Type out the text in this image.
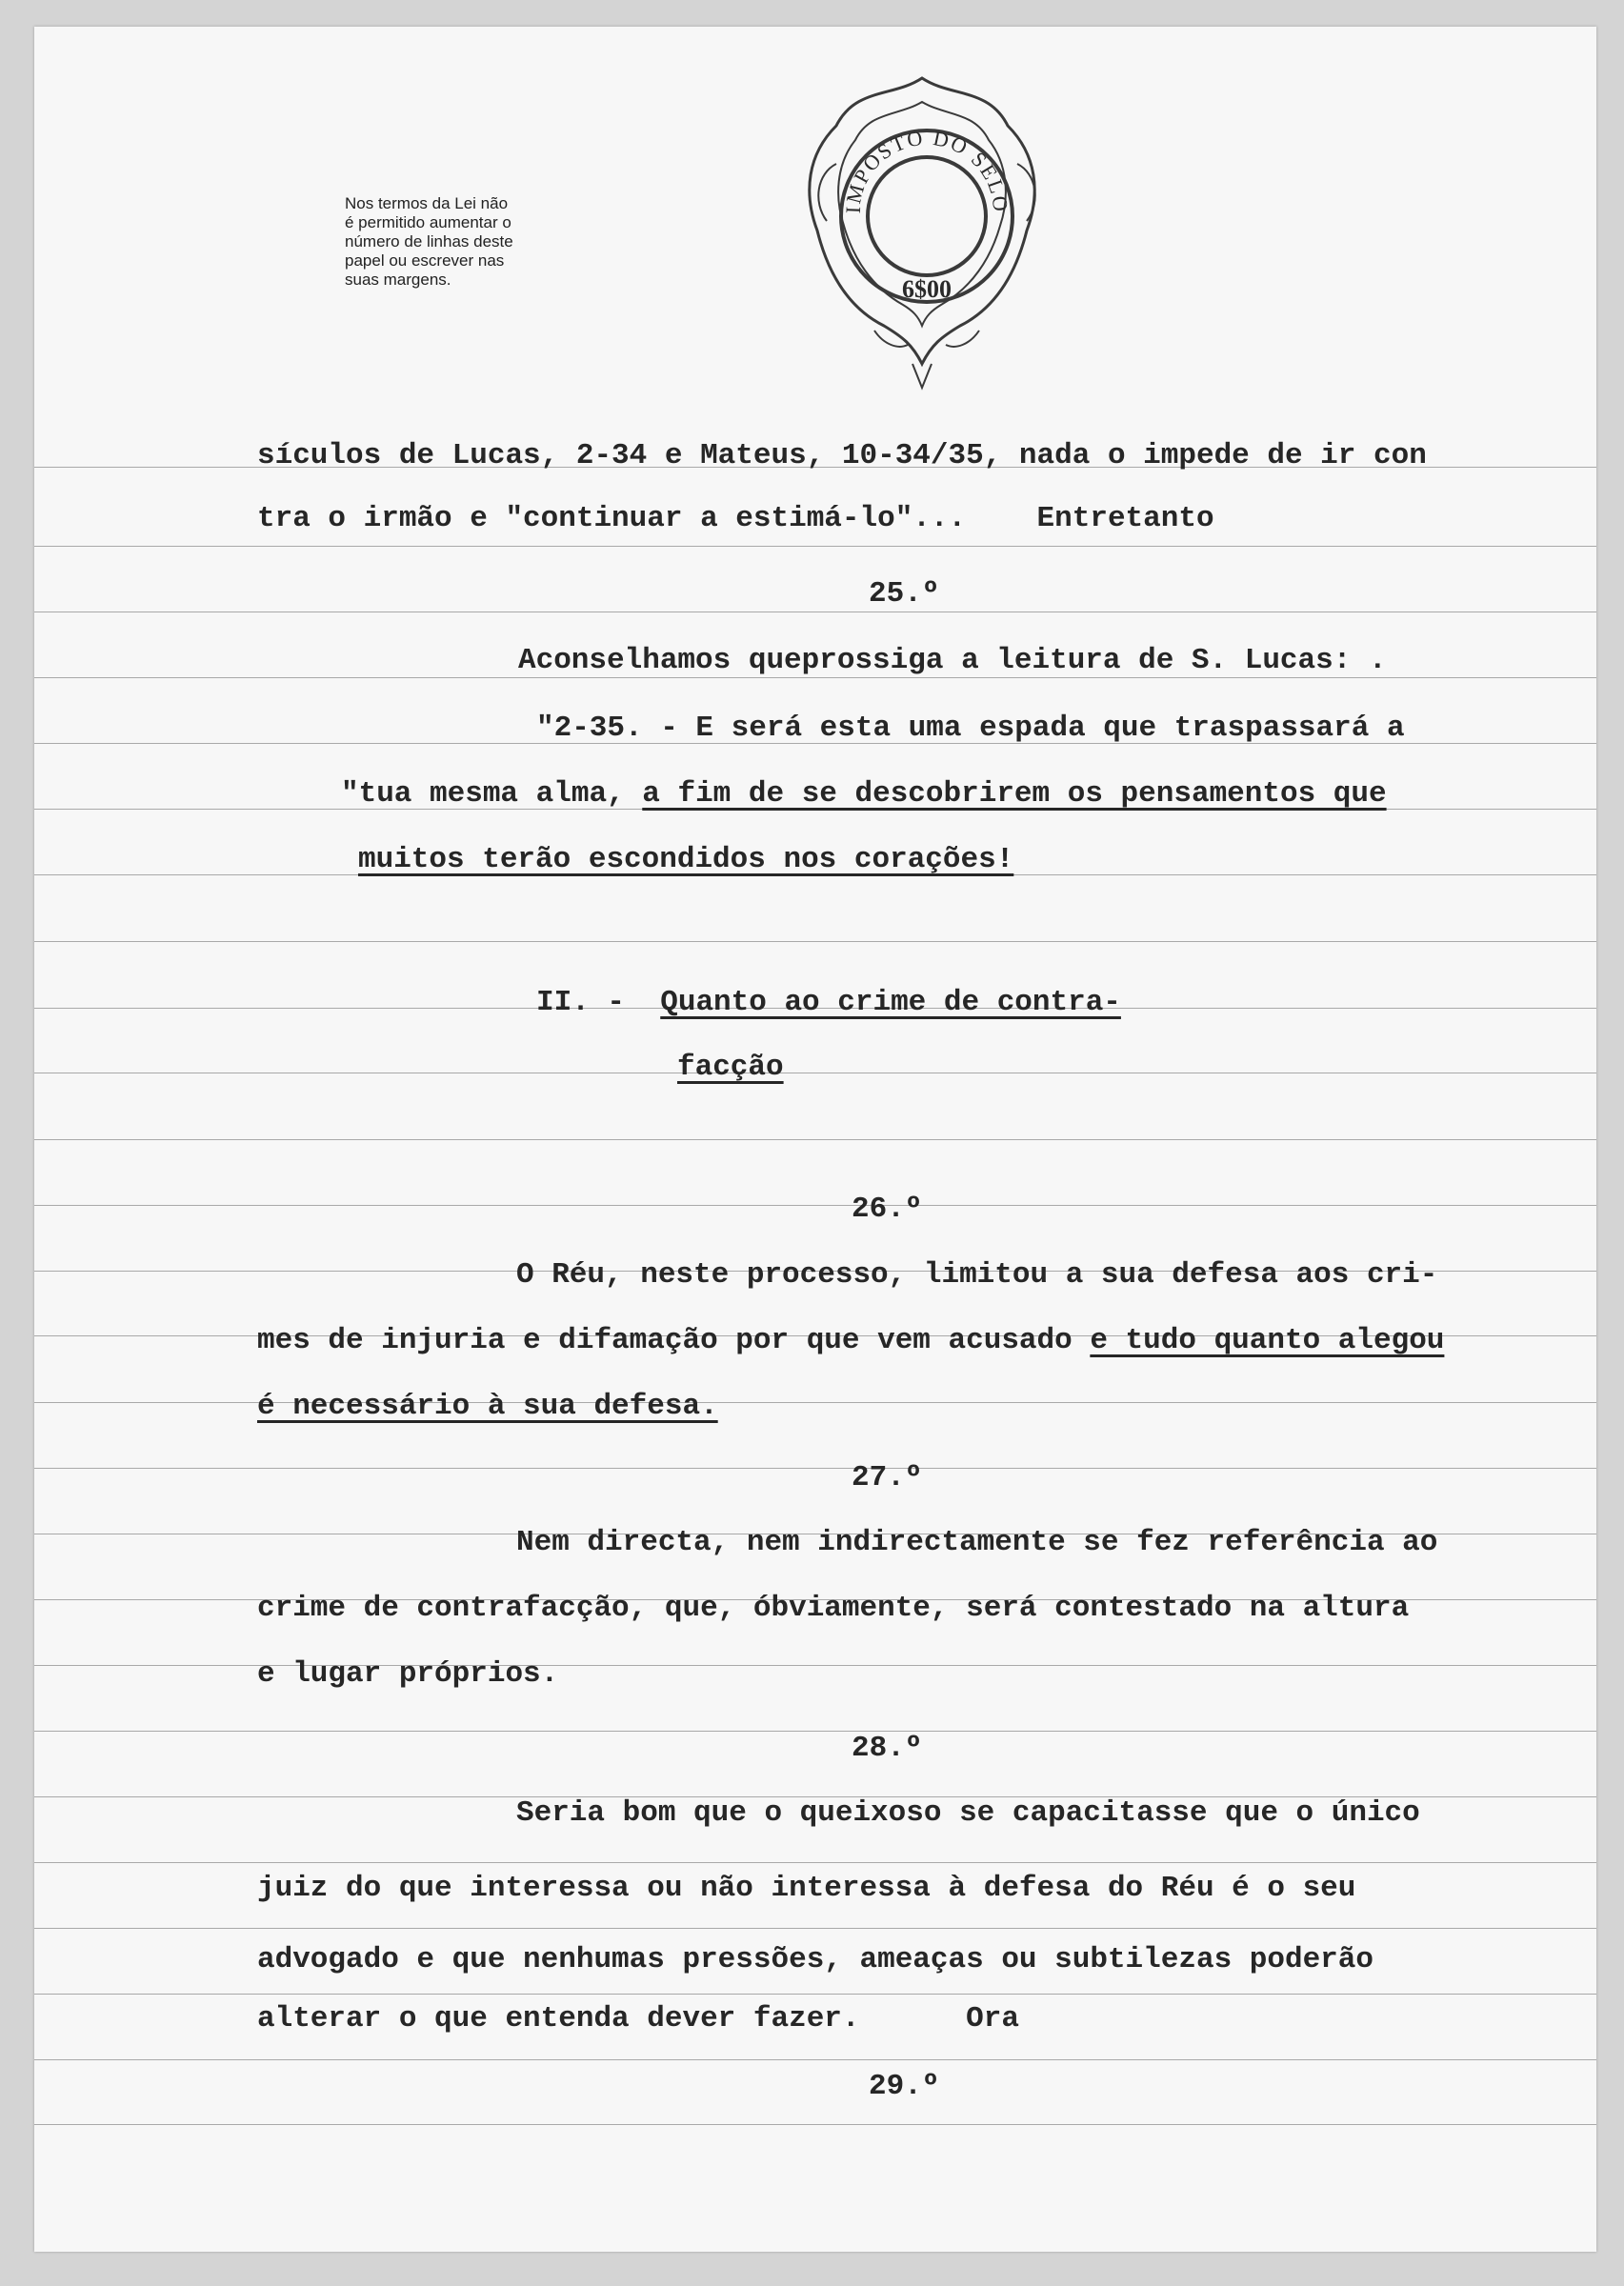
Nos termos da Lei não
é permitido aumentar o
número de linhas deste
papel ou escrever nas
suas margens.
IMPOSTO DO SELO
6$00
sículos de Lucas, 2-34 e Mateus, 10-34/35, nada o impede de ir con
tra o irmão e "continuar a estimá-lo"...    Entretanto
25.º
Aconselhamos queprossiga a leitura de S. Lucas: .
"2-35. - E será esta uma espada que traspassará a
"tua mesma alma, a fim de se descobrirem os pensamentos que
muitos terão escondidos nos corações!
II. -  Quanto ao crime de contra-
facção
26.º
O Réu, neste processo, limitou a sua defesa aos cri-
mes de injuria e difamação por que vem acusado e tudo quanto alegou
é necessário à sua defesa.
27.º
Nem directa, nem indirectamente se fez referência ao
crime de contrafacção, que, óbviamente, será contestado na altura
e lugar próprios.
28.º
Seria bom que o queixoso se capacitasse que o único
juiz do que interessa ou não interessa à defesa do Réu é o seu
advogado e que nenhumas pressões, ameaças ou subtilezas poderão
alterar o que entenda dever fazer.      Ora
29.º
